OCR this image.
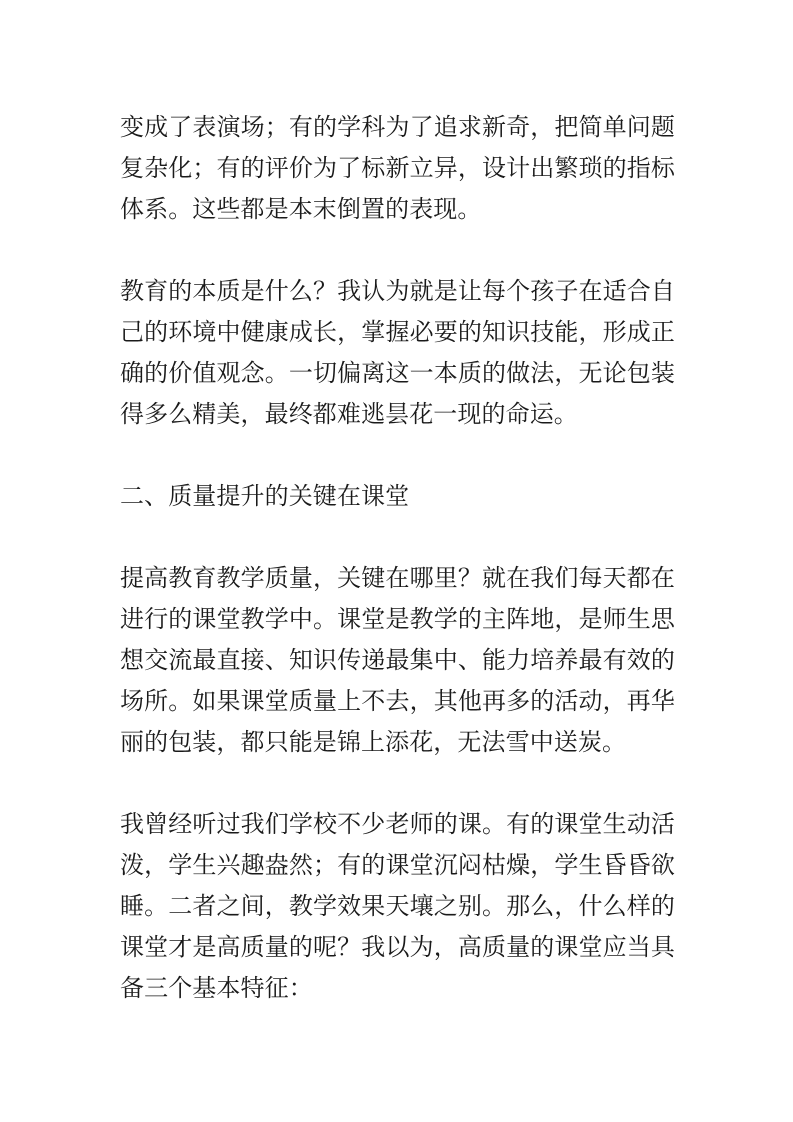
变成了表演场；有的学科为了追求新奇，把简单问题复杂化；有的评价为了标新立异，设计出繁琐的指标体系。这些都是本末倒置的表现。

教育的本质是什么？我认为就是让每个孩子在适合自己的环境中健康成长，掌握必要的知识技能，形成正确的价值观念。一切偏离这一本质的做法，无论包装得多么精美，最终都难逃昙花一现的命运。

二、质量提升的关键在课堂

提高教育教学质量，关键在哪里？就在我们每天都在进行的课堂教学中。课堂是教学的主阵地，是师生思想交流最直接、知识传递最集中、能力培养最有效的场所。如果课堂质量上不去，其他再多的活动，再华丽的包装，都只能是锦上添花，无法雪中送炭。

我曾经听过我们学校不少老师的课。有的课堂生动活泼，学生兴趣盎然；有的课堂沉闷枯燥，学生昏昏欲睡。二者之间，教学效果天壤之别。那么，什么样的课堂才是高质量的呢？我以为，高质量的课堂应当具备三个基本特征：
